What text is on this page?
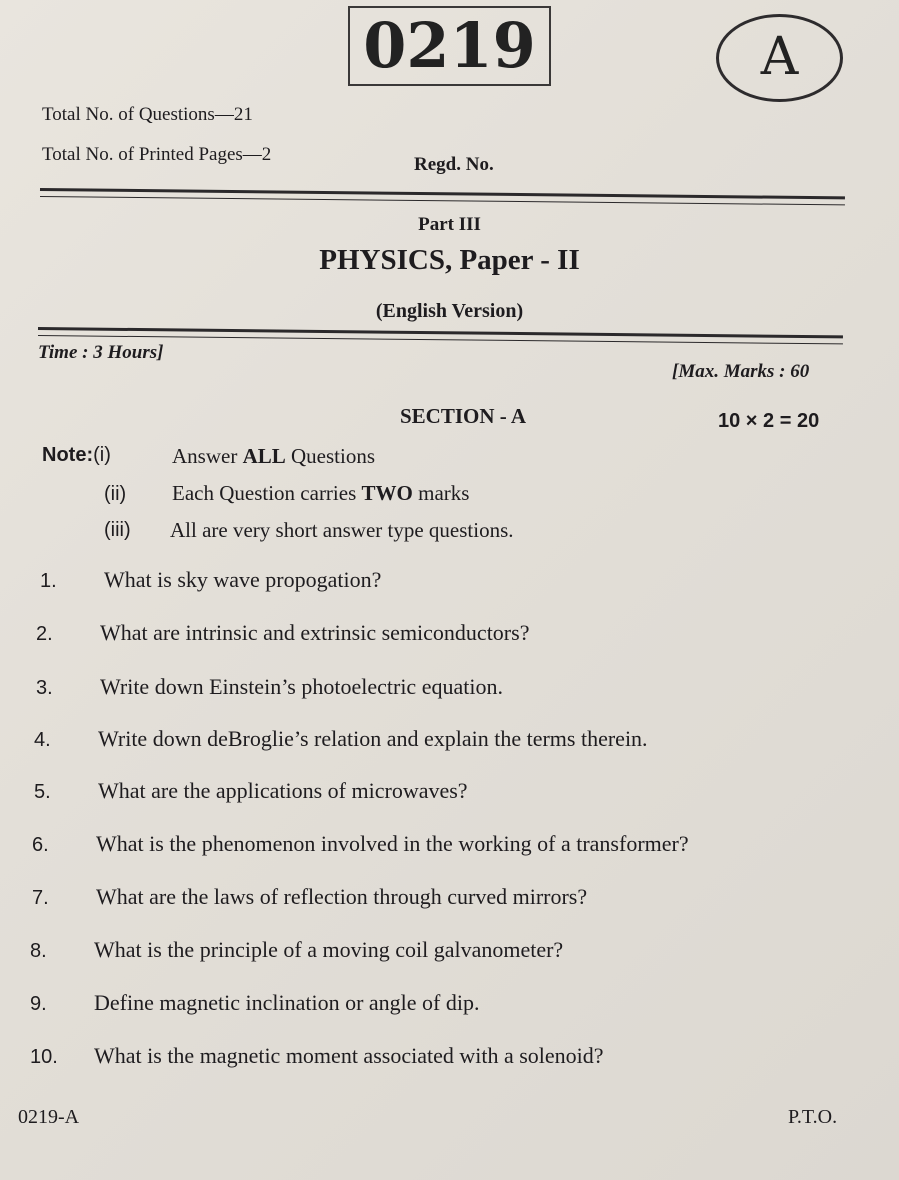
0219	A
Total No. of Questions—21
Total No. of Printed Pages—2	Regd. No.
Part III
PHYSICS, Paper - II
(English Version)
Time : 3 Hours]
[Max. Marks : 60
SECTION - A	10 × 2 = 20
Note:(i)	Answer ALL Questions
(ii) Each Question carries TWO marks
(iii) All are very short answer type questions.
1. What is sky wave propogation?
2. What are intrinsic and extrinsic semiconductors?
3. Write down Einstein’s photoelectric equation.
4. Write down deBroglie’s relation and explain the terms therein.
5. What are the applications of microwaves?
6. What is the phenomenon involved in the working of a transformer?
7. What are the laws of reflection through curved mirrors?
8. What is the principle of a moving coil galvanometer?
9. Define magnetic inclination or angle of dip.
10. What is the magnetic moment associated with a solenoid?
0219-A	P.T.O.
